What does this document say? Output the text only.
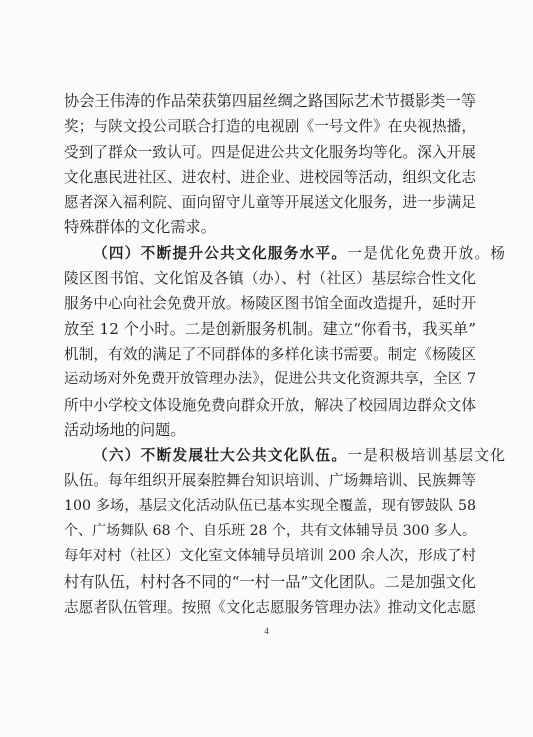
协会王伟涛的作品荣获第四届丝绸之路国际艺术节摄影类一等
奖；与陕文投公司联合打造的电视剧《一号文件》在央视热播，
受到了群众一致认可。四是促进公共文化服务均等化。深入开展
文化惠民进社区、进农村、进企业、进校园等活动，组织文化志
愿者深入福利院、面向留守儿童等开展送文化服务，进一步满足
特殊群体的文化需求。
（四）不断提升公共文化服务水平。一是优化免费开放。杨
陵区图书馆、文化馆及各镇（办）、村（社区）基层综合性文化
服务中心向社会免费开放。杨陵区图书馆全面改造提升，延时开
放至 12 个小时。二是创新服务机制。建立“你看书，我买单”
机制，有效的满足了不同群体的多样化读书需要。制定《杨陵区
运动场对外免费开放管理办法》，促进公共文化资源共享，全区 7
所中小学校文体设施免费向群众开放，解决了校园周边群众文体
活动场地的问题。
（六）不断发展壮大公共文化队伍。一是积极培训基层文化
队伍。每年组织开展秦腔舞台知识培训、广场舞培训、民族舞等
100 多场，基层文化活动队伍已基本实现全覆盖，现有锣鼓队 58
个、广场舞队 68 个、自乐班 28 个，共有文体辅导员 300 多人。
每年对村（社区）文化室文体辅导员培训 200 余人次，形成了村
村有队伍，村村各不同的“一村一品”文化团队。二是加强文化
志愿者队伍管理。按照《文化志愿服务管理办法》推动文化志愿
4
